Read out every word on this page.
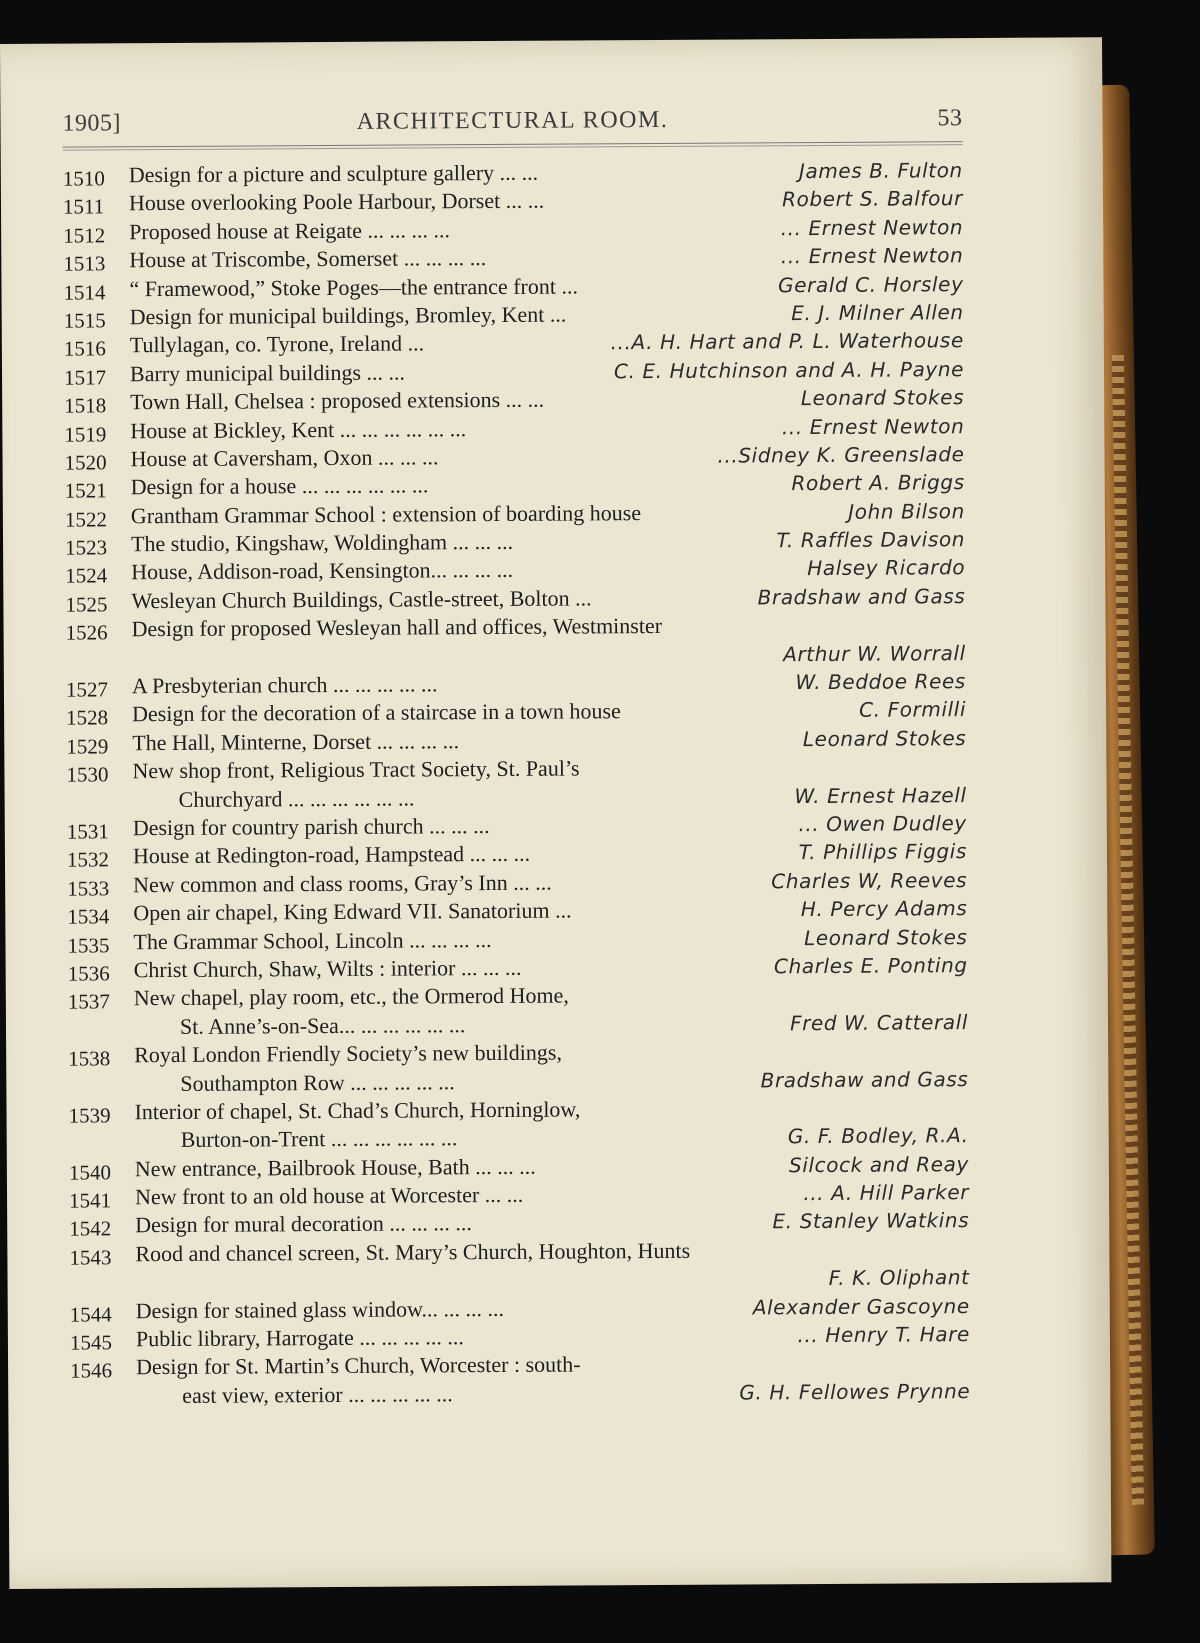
1905]	ARCHITECTURAL ROOM.	53
1510	Design for a picture and sculpture gallery ... ...	James B. Fulton
1511	House overlooking Poole Harbour, Dorset ... ...	Robert S. Balfour
1512	Proposed house at Reigate ... ... ... ...	... Ernest Newton
1513	House at Triscombe, Somerset ... ... ... ...	... Ernest Newton
1514	“ Framewood,” Stoke Poges—the entrance front ...	Gerald C. Horsley
1515	Design for municipal buildings, Bromley, Kent ...	E. J. Milner Allen
1516	Tullylagan, co. Tyrone, Ireland ...	...A. H. Hart and P. L. Waterhouse
1517	Barry municipal buildings ... ...	C. E. Hutchinson and A. H. Payne
1518	Town Hall, Chelsea : proposed extensions ... ...	Leonard Stokes
1519	House at Bickley, Kent ... ... ... ... ... ...	... Ernest Newton
1520	House at Caversham, Oxon ... ... ...	...Sidney K. Greenslade
1521	Design for a house ... ... ... ... ... ...	Robert A. Briggs
1522	Grantham Grammar School : extension of boarding house	John Bilson
1523	The studio, Kingshaw, Woldingham ... ... ...	T. Raffles Davison
1524	House, Addison-road, Kensington... ... ... ...	Halsey Ricardo
1525	Wesleyan Church Buildings, Castle-street, Bolton ...	Bradshaw and Gass
1526	Design for proposed Wesleyan hall and offices, Westminster
Arthur W. Worrall
1527	A Presbyterian church ... ... ... ... ...	W. Beddoe Rees
1528	Design for the decoration of a staircase in a town house	C. Formilli
1529	The Hall, Minterne, Dorset ... ... ... ...	Leonard Stokes
1530	New shop front, Religious Tract Society, St. Paul’s
Churchyard ... ... ... ... ... ...	W. Ernest Hazell
1531	Design for country parish church ... ... ...	... Owen Dudley
1532	House at Redington-road, Hampstead ... ... ...	T. Phillips Figgis
1533	New common and class rooms, Gray’s Inn ... ...	Charles W, Reeves
1534	Open air chapel, King Edward VII. Sanatorium ...	H. Percy Adams
1535	The Grammar School, Lincoln ... ... ... ...	Leonard Stokes
1536	Christ Church, Shaw, Wilts : interior ... ... ...	Charles E. Ponting
1537	New chapel, play room, etc., the Ormerod Home,
St. Anne’s-on-Sea... ... ... ... ... ...	Fred W. Catterall
1538	Royal London Friendly Society’s new buildings,
Southampton Row ... ... ... ... ...	Bradshaw and Gass
1539	Interior of chapel, St. Chad’s Church, Horninglow,
Burton-on-Trent ... ... ... ... ... ...	G. F. Bodley, R.A.
1540	New entrance, Bailbrook House, Bath ... ... ...	Silcock and Reay
1541	New front to an old house at Worcester ... ...	... A. Hill Parker
1542	Design for mural decoration ... ... ... ...	E. Stanley Watkins
1543	Rood and chancel screen, St. Mary’s Church, Houghton, Hunts
F. K. Oliphant
1544	Design for stained glass window... ... ... ...	Alexander Gascoyne
1545	Public library, Harrogate ... ... ... ... ...	... Henry T. Hare
1546	Design for St. Martin’s Church, Worcester : south-
east view, exterior ... ... ... ... ...	G. H. Fellowes Prynne
